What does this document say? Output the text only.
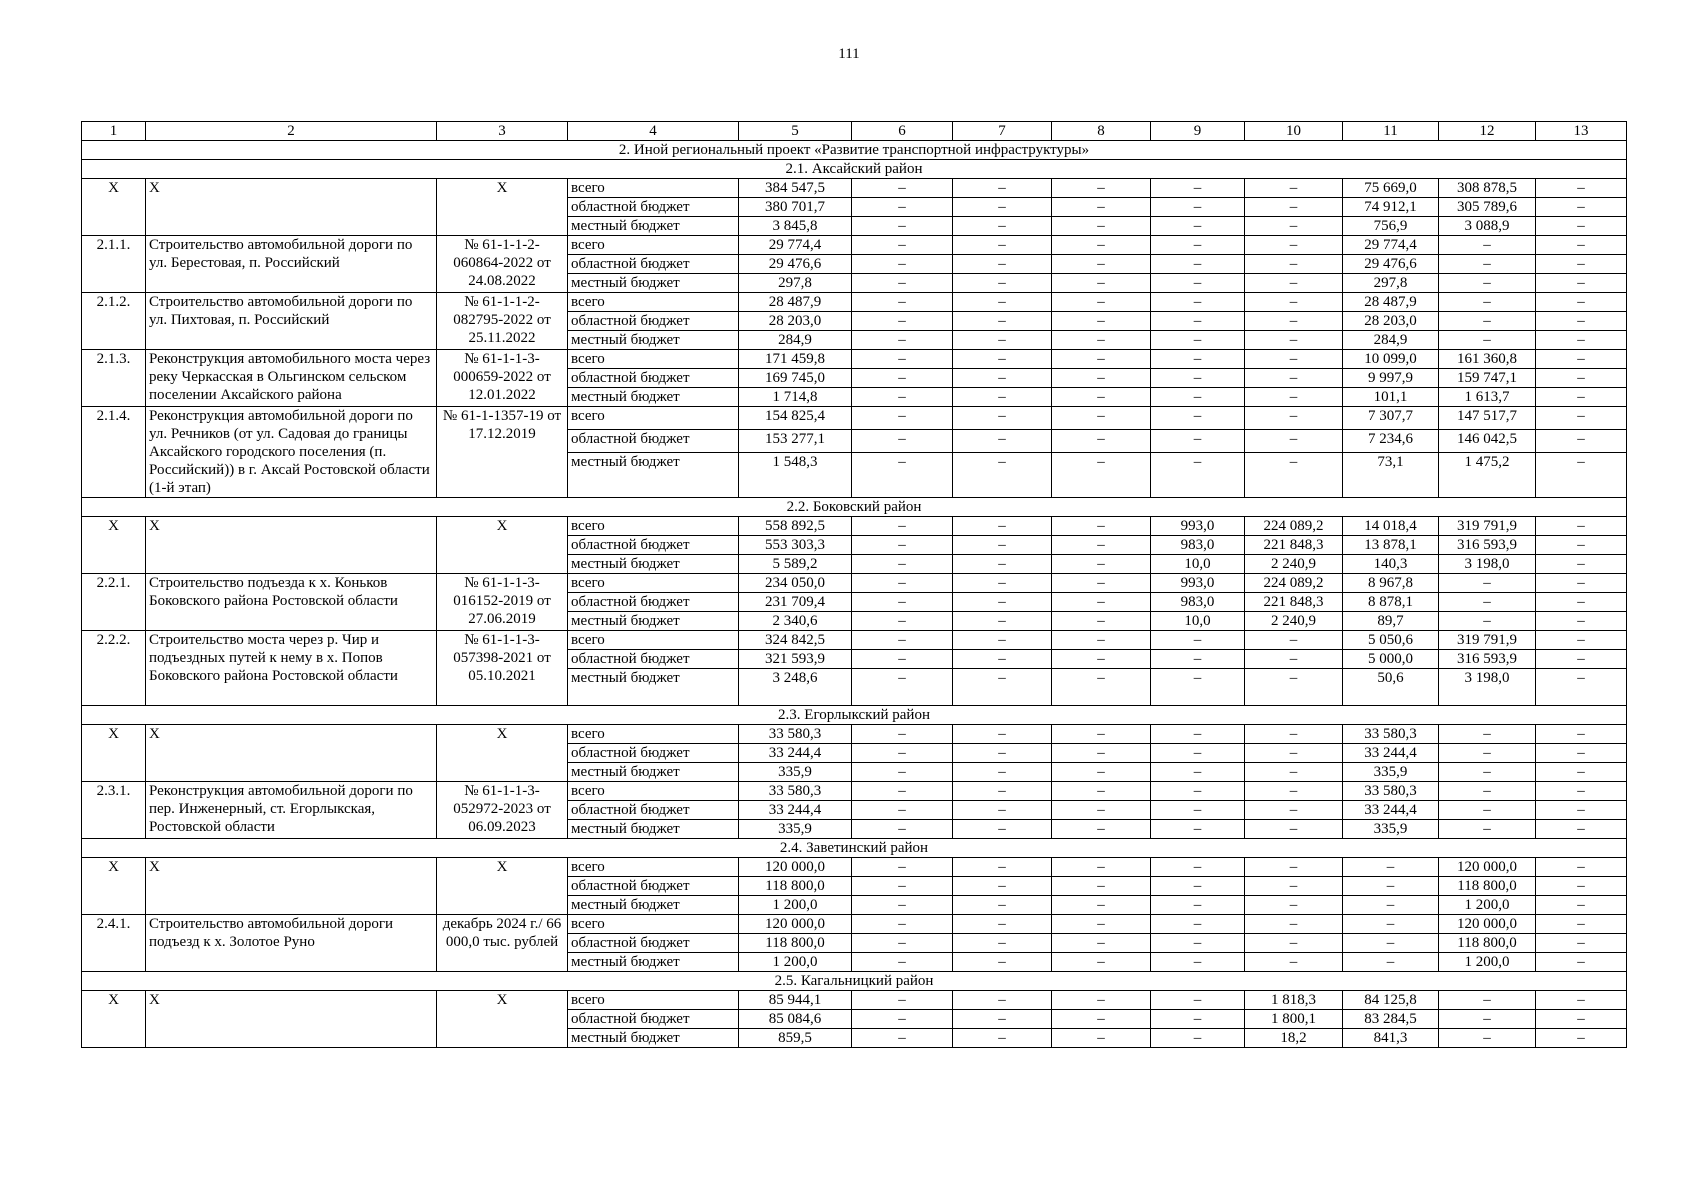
111
1	2	3	4	5	6	7	8	9	10	11	12	13
2. Иной региональный проект «Развитие транспортной инфраструктуры»												
2.1. Аксайский район												
X	X	X	всего	384 547,5	–	–	–	–	–	75 669,0	308 878,5	–
			областной бюджет	380 701,7	–	–	–	–	–	74 912,1	305 789,6	–
			местный бюджет	3 845,8	–	–	–	–	–	756,9	3 088,9	–
2.1.1.	Строительство автомобильной дороги по ул. Берестовая, п. Российский	№ 61-1-1-2-060864-2022 от 24.08.2022	всего	29 774,4	–	–	–	–	–	29 774,4	–	–
			областной бюджет	29 476,6	–	–	–	–	–	29 476,6	–	–
			местный бюджет	297,8	–	–	–	–	–	297,8	–	–
2.1.2.	Строительство автомобильной дороги по ул. Пихтовая, п. Российский	№ 61-1-1-2-082795-2022 от 25.11.2022	всего	28 487,9	–	–	–	–	–	28 487,9	–	–
			областной бюджет	28 203,0	–	–	–	–	–	28 203,0	–	–
			местный бюджет	284,9	–	–	–	–	–	284,9	–	–
2.1.3.	Реконструкция автомобильного моста через реку Черкасская в Ольгинском сельском поселении Аксайского района	№ 61-1-1-3-000659-2022 от 12.01.2022	всего	171 459,8	–	–	–	–	–	10 099,0	161 360,8	–
			областной бюджет	169 745,0	–	–	–	–	–	9 997,9	159 747,1	–
			местный бюджет	1 714,8	–	–	–	–	–	101,1	1 613,7	–
2.1.4.	Реконструкция автомобильной дороги по ул. Речников (от ул. Садовая до границы Аксайского городского поселения (п. Российский)) в г. Аксай Ростовской области (1-й этап)	№ 61-1-1357-19 от 17.12.2019	всего	154 825,4	–	–	–	–	–	7 307,7	147 517,7	–
			областной бюджет	153 277,1	–	–	–	–	–	7 234,6	146 042,5	–
			местный бюджет	1 548,3	–	–	–	–	–	73,1	1 475,2	–
2.2. Боковский район												
X	X	X	всего	558 892,5	–	–	–	993,0	224 089,2	14 018,4	319 791,9	–
			областной бюджет	553 303,3	–	–	–	983,0	221 848,3	13 878,1	316 593,9	–
			местный бюджет	5 589,2	–	–	–	10,0	2 240,9	140,3	3 198,0	–
2.2.1.	Строительство подъезда к х. Коньков Боковского района Ростовской области	№ 61-1-1-3-016152-2019 от 27.06.2019	всего	234 050,0	–	–	–	993,0	224 089,2	8 967,8	–	–
			областной бюджет	231 709,4	–	–	–	983,0	221 848,3	8 878,1	–	–
			местный бюджет	2 340,6	–	–	–	10,0	2 240,9	89,7	–	–
2.2.2.	Строительство моста через р. Чир и подъездных путей к нему в х. Попов Боковского района Ростовской области	№ 61-1-1-3-057398-2021 от 05.10.2021	всего	324 842,5	–	–	–	–	–	5 050,6	319 791,9	–
			областной бюджет	321 593,9	–	–	–	–	–	5 000,0	316 593,9	–
			местный бюджет	3 248,6	–	–	–	–	–	50,6	3 198,0	–
2.3. Егорлыкский район												
X	X	X	всего	33 580,3	–	–	–	–	–	33 580,3	–	–
			областной бюджет	33 244,4	–	–	–	–	–	33 244,4	–	–
			местный бюджет	335,9	–	–	–	–	–	335,9	–	–
2.3.1.	Реконструкция автомобильной дороги по пер. Инженерный, ст. Егорлыкская, Ростовской области	№ 61-1-1-3-052972-2023 от 06.09.2023	всего	33 580,3	–	–	–	–	–	33 580,3	–	–
			областной бюджет	33 244,4	–	–	–	–	–	33 244,4	–	–
			местный бюджет	335,9	–	–	–	–	–	335,9	–	–
2.4. Заветинский район												
X	X	X	всего	120 000,0	–	–	–	–	–	–	120 000,0	–
			областной бюджет	118 800,0	–	–	–	–	–	–	118 800,0	–
			местный бюджет	1 200,0	–	–	–	–	–	–	1 200,0	–
2.4.1.	Строительство автомобильной дороги подъезд к х. Золотое Руно	декабрь 2024 г./ 66 000,0 тыс. рублей	всего	120 000,0	–	–	–	–	–	–	120 000,0	–
			областной бюджет	118 800,0	–	–	–	–	–	–	118 800,0	–
			местный бюджет	1 200,0	–	–	–	–	–	–	1 200,0	–
2.5. Кагальницкий район												
X	X	X	всего	85 944,1	–	–	–	–	1 818,3	84 125,8	–	–
			областной бюджет	85 084,6	–	–	–	–	1 800,1	83 284,5	–	–
			местный бюджет	859,5	–	–	–	–	18,2	841,3	–	–
